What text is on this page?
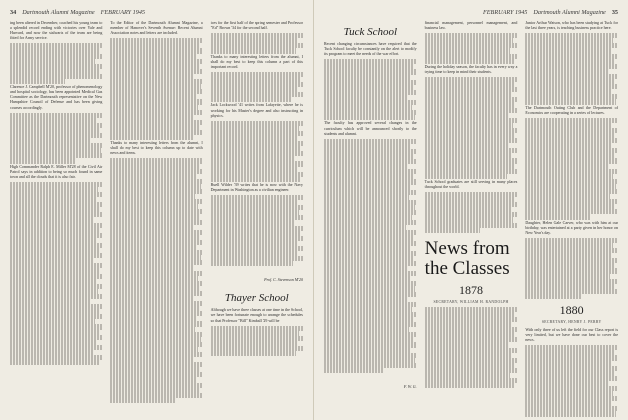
34 Dartmouth Alumni Magazine FEBRUARY 1945

ing been altered in December, coached his young team to a splendid record ending with victories over Yale and Harvard, and now the stalwarts of the team are being fitted for Army service.

Clarence J. Campbell M'20, professor of phenomenology and hospital sociology, has been appointed Medical Gas Committee as the Dartmouth representative on the New Hampshire Council of Defense and has been giving courses accordingly.

High Commander Ralph E. Miller M'28 of the Civil Air Patrol says in addition to being so much found in same town and all the clouds that it is also fair.

To the Editor of the Dartmouth Alumni Magazine, a member of Hanover's Seventh Avenue: Recent Alumni Association notes and letters are included.

Thanks to many interesting letters from the alumni, I shall do my best to keep this column up to date with news and items.

ices for the first half of the spring semester and Professor "Ed" Brown '34 for the second half.

Thanks to many interesting letters from the alumni, I shall do my best to keep this column a part of this important record.

Jack Lockwood '41 writes from Lafayette, where he is working for his Master's degree and also instructing in physics.

Buell Wilder '39 writes that he is now with the Navy Department in Washington as a civilian engineer.

Prof. C. Stevenson M'20
Thayer School

Although we have three classes at one time in the School, we have been fortunate enough to arrange the schedules so that Professor "Bill" Kimball '29 will be

FEBRUARY 1945 Dartmouth Alumni Magazine 35
Tuck School

Recent changing circumstances have required that the Tuck School faculty be constantly on the alert to modify its program to meet the needs of the war effort.

The faculty has approved several changes in the curriculum which will be announced shortly to the students and alumni.

F. W. G.

financial management, personnel management, and business law.

During the holiday season, the faculty has in every way a trying time to keep in mind their students.

Tuck School graduates are still serving in many places throughout the world.

News from the Classes
1878
SECRETARY, WILLIAM H. RANDOLPH

Junior Arthur Watson, who has been studying at Tuck for the last three years, is teaching business practice here.

The Dartmouth Outing Club and the Department of Economics are cooperating in a series of lectures.

Daughter, Helen Gale Carver, who was with him at our birthday, was entertained at a party given in her honor on New Year's day.

1880
SECRETARY, HENRY J. PERRY

With only three of us left the field for our Class report is very limited, but we have done our best to cover the news.
